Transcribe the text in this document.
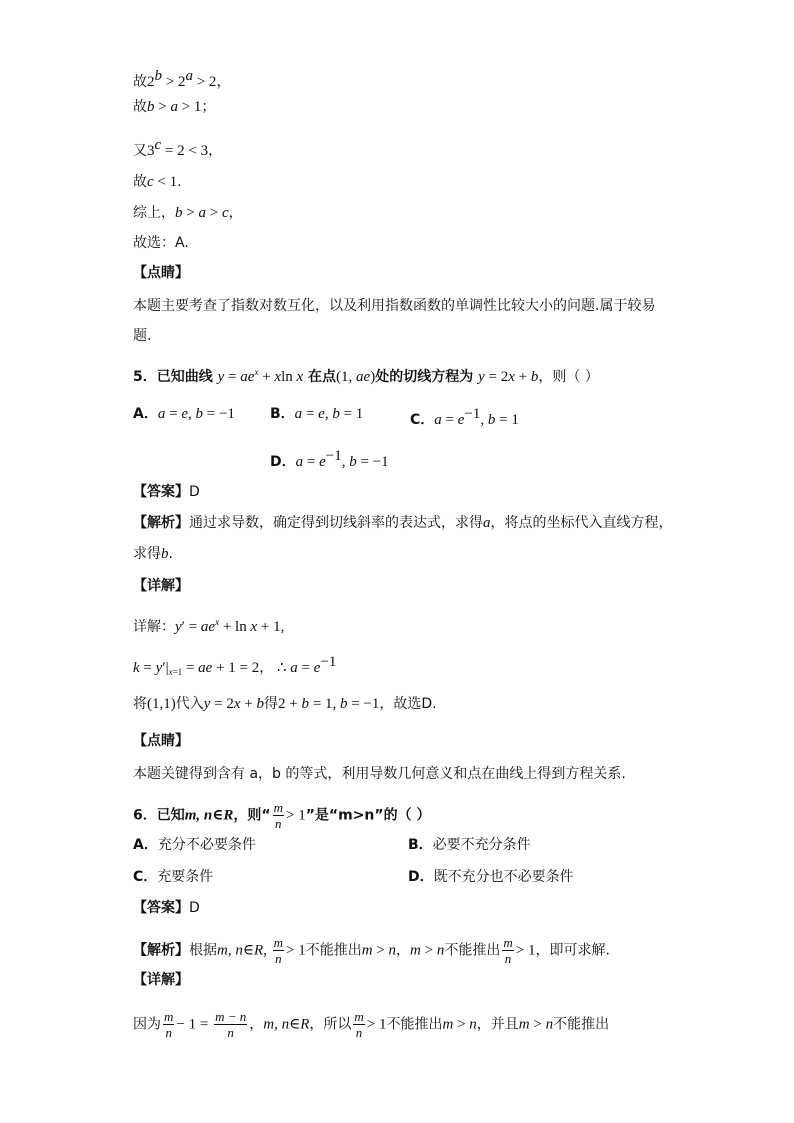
故$2^b > 2^a > 2$，
故b > a > 1；
又$3^c = 2 < 3$，
故c < 1.
综上，b > a > c，
故选：A.
【点睛】
本题主要考查了指数对数互化，以及利用指数函数的单调性比较大小的问题.属于较易
题.
5．已知曲线 $y = ae^x + xln$ x 在点(1, ae)处的切线方程为 y = 2x + b，则（ ）
A．a = e, b = −1	B．a = e, b = 1	C．$a = e^{-1}$, b = 1
D．$a = e^{-1}$, b = −1
【答案】D
【解析】通过求导数，确定得到切线斜率的表达式，求得a，将点的坐标代入直线方程，
求得b.
【详解】
详解：$y' = ae^x + \ln x + 1$,
$k = y'|_{x=1}$ = ae + 1 = 2， ∴ $a = e^{-1}$
将(1,1)代入y = 2x + b得2 + b = 1, b = −1，故选D.
【点睛】
本题关键得到含有 a，b 的等式，利用导数几何意义和点在曲线上得到方程关系.
6．已知m, n∈R，则“ $\frac{m}{n} > 1$”是“m>n”的（ ）
A．充分不必要条件	B．必要不充分条件
C．充要条件	D．既不充分也不必要条件
【答案】D
【解析】根据m, n∈R, $\frac{m}{n} > 1$不能推出m > n，m > n不能推出 $\frac{m}{n} > 1$，即可求解.
【详解】
因为 $\frac{m}{n} - 1 = \frac{m - n}{n}$ ，m, n∈R，所以 $\frac{m}{n} > 1$不能推出m > n，并且m > n不能推出
